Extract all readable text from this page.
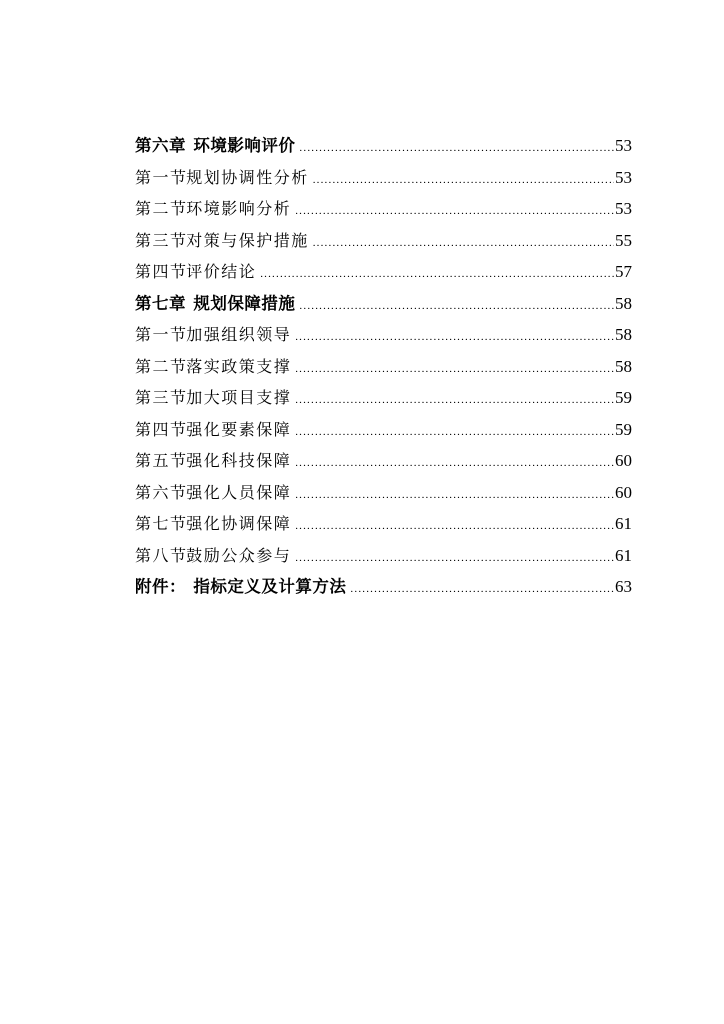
第六章 环境影响评价 .....	53
第一节规划协调性分析 .....	53
第二节环境影响分析 .....	53
第三节对策与保护措施 .....	55
第四节评价结论 .....	57
第七章 规划保障措施 .....	58
第一节加强组织领导 .....	58
第二节落实政策支撑 .....	58
第三节加大项目支撑 .....	59
第四节强化要素保障 .....	59
第五节强化科技保障 .....	60
第六节强化人员保障 .....	60
第七节强化协调保障 .....	61
第八节鼓励公众参与 .....	61
附件： 指标定义及计算方法 .....	63
